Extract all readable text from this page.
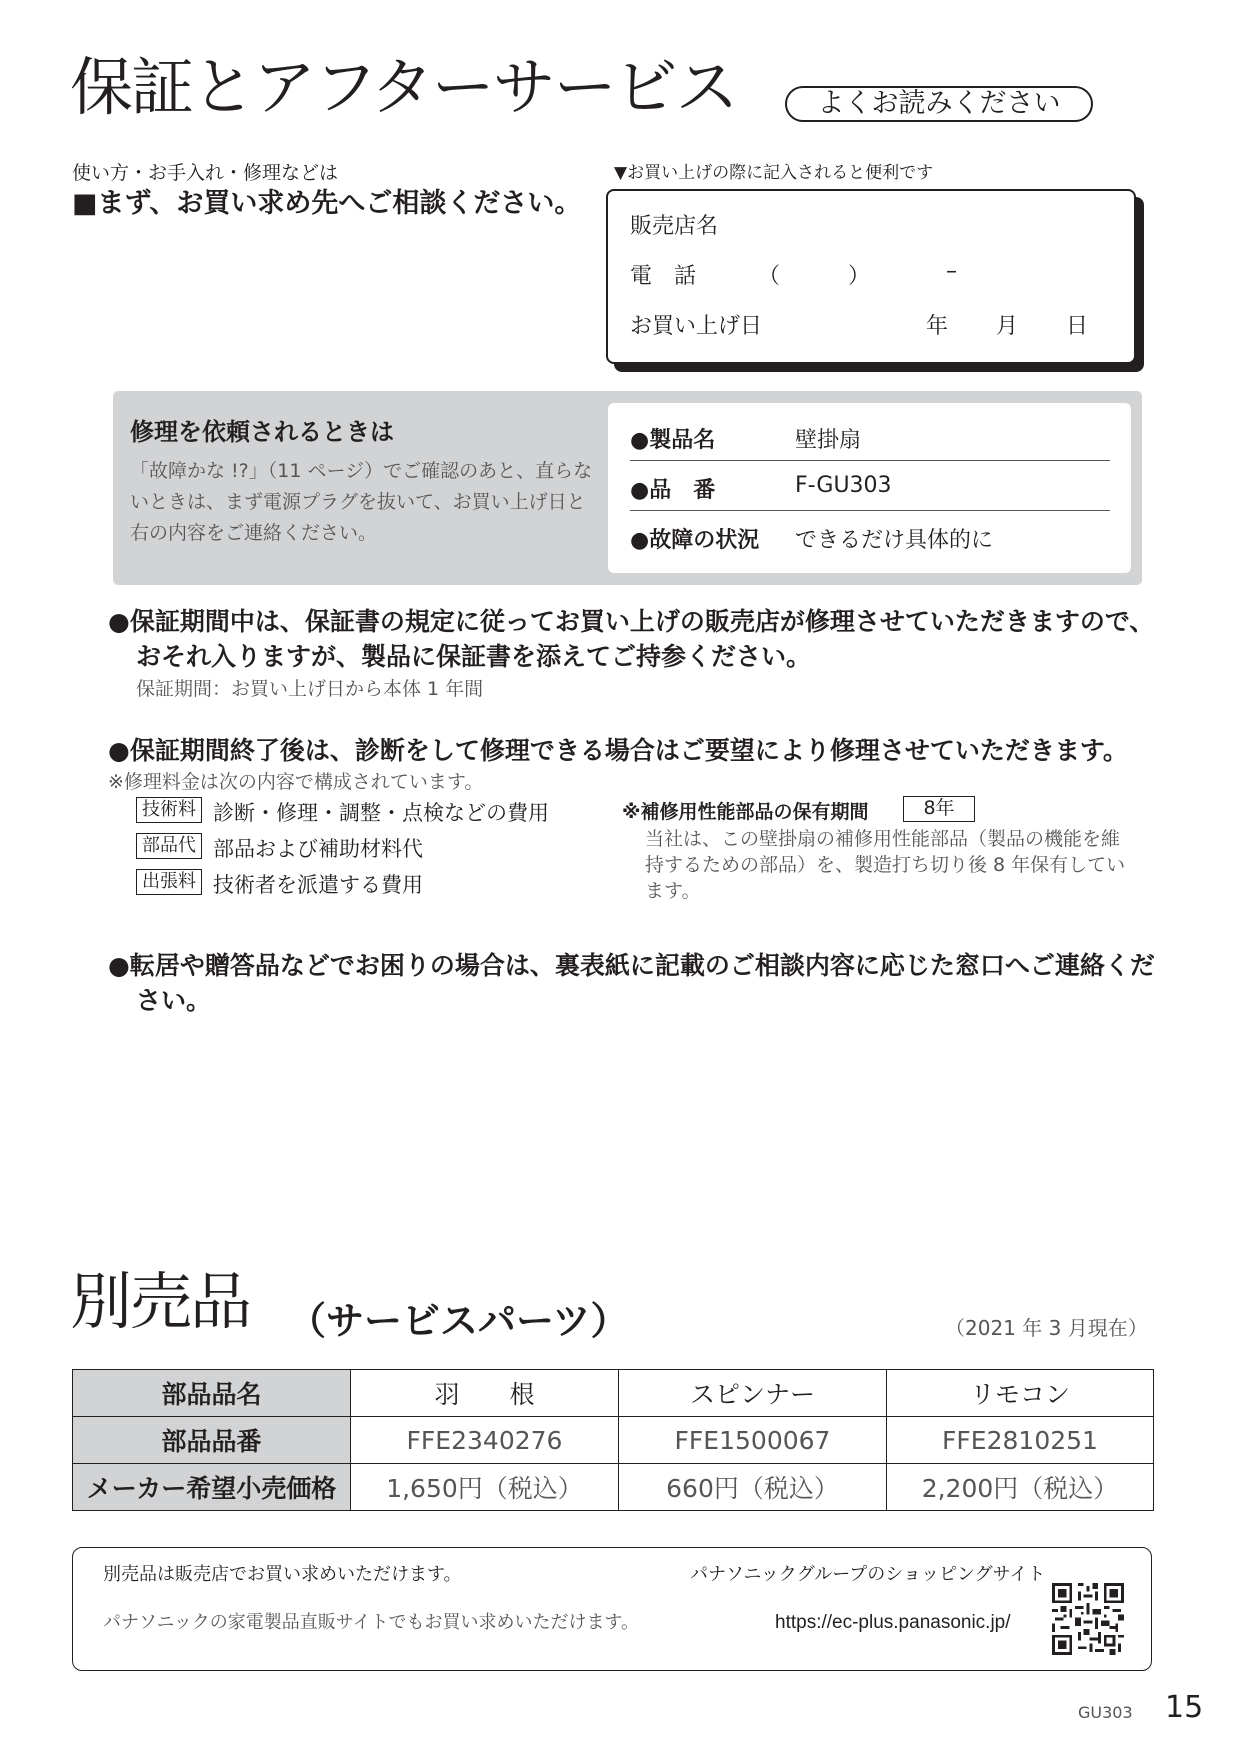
保証とアフターサービス	よくお読みください
使い方・お手入れ・修理などは
■まず、お買い求め先へご相談ください。
▼お買い上げの際に記入されると便利です
販売店名
電　話	（	）	–
お買い上げ日	年 月 日
修理を依頼されるときは
「故障かな !?」（11 ページ）でご確認のあと、直らないときは、まず電源プラグを抜いて、お買い上げ日と右の内容をご連絡ください。
●製品名	壁掛扇
●品　番	F-GU303
●故障の状況 できるだけ具体的に
●保証期間中は、保証書の規定に従ってお買い上げの販売店が修理させていただきますので、おそれ入りますが、製品に保証書を添えてご持参ください。
保証期間：お買い上げ日から本体 1 年間
●保証期間終了後は、診断をして修理できる場合はご要望により修理させていただきます。
※修理料金は次の内容で構成されています。
技術料 診断・修理・調整・点検などの費用
部品代 部品および補助材料代
出張料 技術者を派遣する費用
※補修用性能部品の保有期間	8年
当社は、この壁掛扇の補修用性能部品（製品の機能を維持するための部品）を、製造打ち切り後 8 年保有しています。
●転居や贈答品などでお困りの場合は、裏表紙に記載のご相談内容に応じた窓口へご連絡ください。
別売品 （サービスパーツ）	（2021 年 3 月現在）
部品品名	羽　　根	スピンナー	リモコン
部品品番	FFE2340276	FFE1500067	FFE2810251
メーカー希望小売価格	1,650円（税込）	660円（税込）	2,200円（税込）
別売品は販売店でお買い求めいただけます。
パナソニックの家電製品直販サイトでもお買い求めいただけます。
パナソニックグループのショッピングサイト
https://ec-plus.panasonic.jp/
GU303 15
